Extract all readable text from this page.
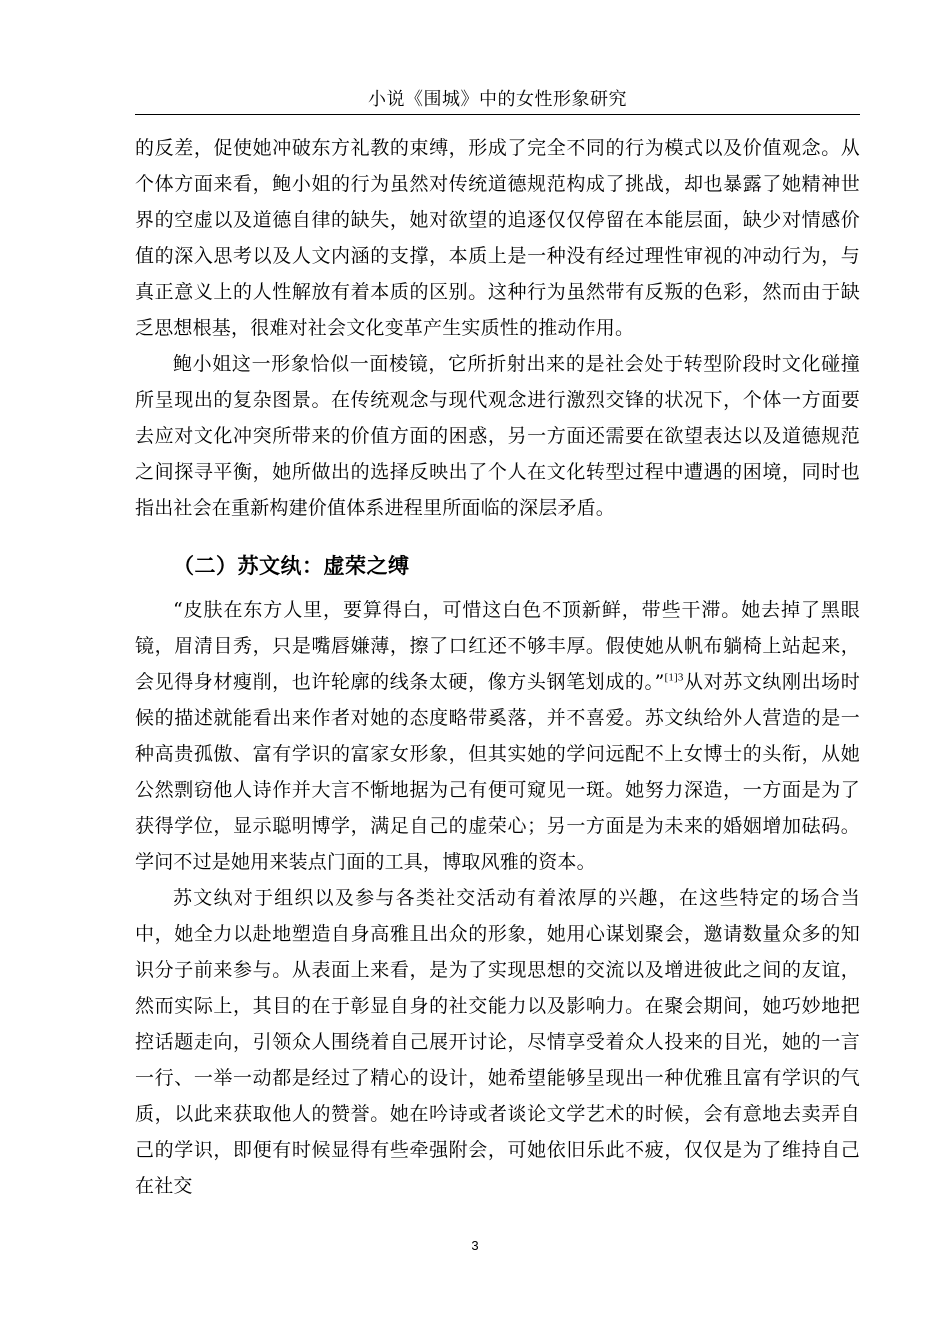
小说《围城》中的女性形象研究

的反差，促使她冲破东方礼教的束缚，形成了完全不同的行为模式以及价值观念。从个体方面来看，鲍小姐的行为虽然对传统道德规范构成了挑战，却也暴露了她精神世界的空虚以及道德自律的缺失，她对欲望的追逐仅仅停留在本能层面，缺少对情感价值的深入思考以及人文内涵的支撑，本质上是一种没有经过理性审视的冲动行为，与真正意义上的人性解放有着本质的区别。这种行为虽然带有反叛的色彩，然而由于缺乏思想根基，很难对社会文化变革产生实质性的推动作用。

鲍小姐这一形象恰似一面棱镜，它所折射出来的是社会处于转型阶段时文化碰撞所呈现出的复杂图景。在传统观念与现代观念进行激烈交锋的状况下，个体一方面要去应对文化冲突所带来的价值方面的困惑，另一方面还需要在欲望表达以及道德规范之间探寻平衡，她所做出的选择反映出了个人在文化转型过程中遭遇的困境，同时也指出社会在重新构建价值体系进程里所面临的深层矛盾。

（二）苏文纨：虚荣之缚

“皮肤在东方人里，要算得白，可惜这白色不顶新鲜，带些干滞。她去掉了黑眼镜，眉清目秀，只是嘴唇嫌薄，擦了口红还不够丰厚。假使她从帆布躺椅上站起来，会见得身材瘦削，也许轮廓的线条太硬，像方头钢笔划成的。”$^{[1]3}$从对苏文纨刚出场时候的描述就能看出来作者对她的态度略带奚落，并不喜爱。苏文纨给外人营造的是一种高贵孤傲、富有学识的富家女形象，但其实她的学问远配不上女博士的头衔，从她公然剽窃他人诗作并大言不惭地据为己有便可窥见一斑。她努力深造，一方面是为了获得学位，显示聪明博学，满足自己的虚荣心；另一方面是为未来的婚姻增加砝码。学问不过是她用来装点门面的工具，博取风雅的资本。

苏文纨对于组织以及参与各类社交活动有着浓厚的兴趣，在这些特定的场合当中，她全力以赴地塑造自身高雅且出众的形象，她用心谋划聚会，邀请数量众多的知识分子前来参与。从表面上来看，是为了实现思想的交流以及增进彼此之间的友谊，然而实际上，其目的在于彰显自身的社交能力以及影响力。在聚会期间，她巧妙地把控话题走向，引领众人围绕着自己展开讨论，尽情享受着众人投来的目光，她的一言一行、一举一动都是经过了精心的设计，她希望能够呈现出一种优雅且富有学识的气质，以此来获取他人的赞誉。她在吟诗或者谈论文学艺术的时候，会有意地去卖弄自己的学识，即便有时候显得有些牵强附会，可她依旧乐此不疲，仅仅是为了维持自己在社交

3
